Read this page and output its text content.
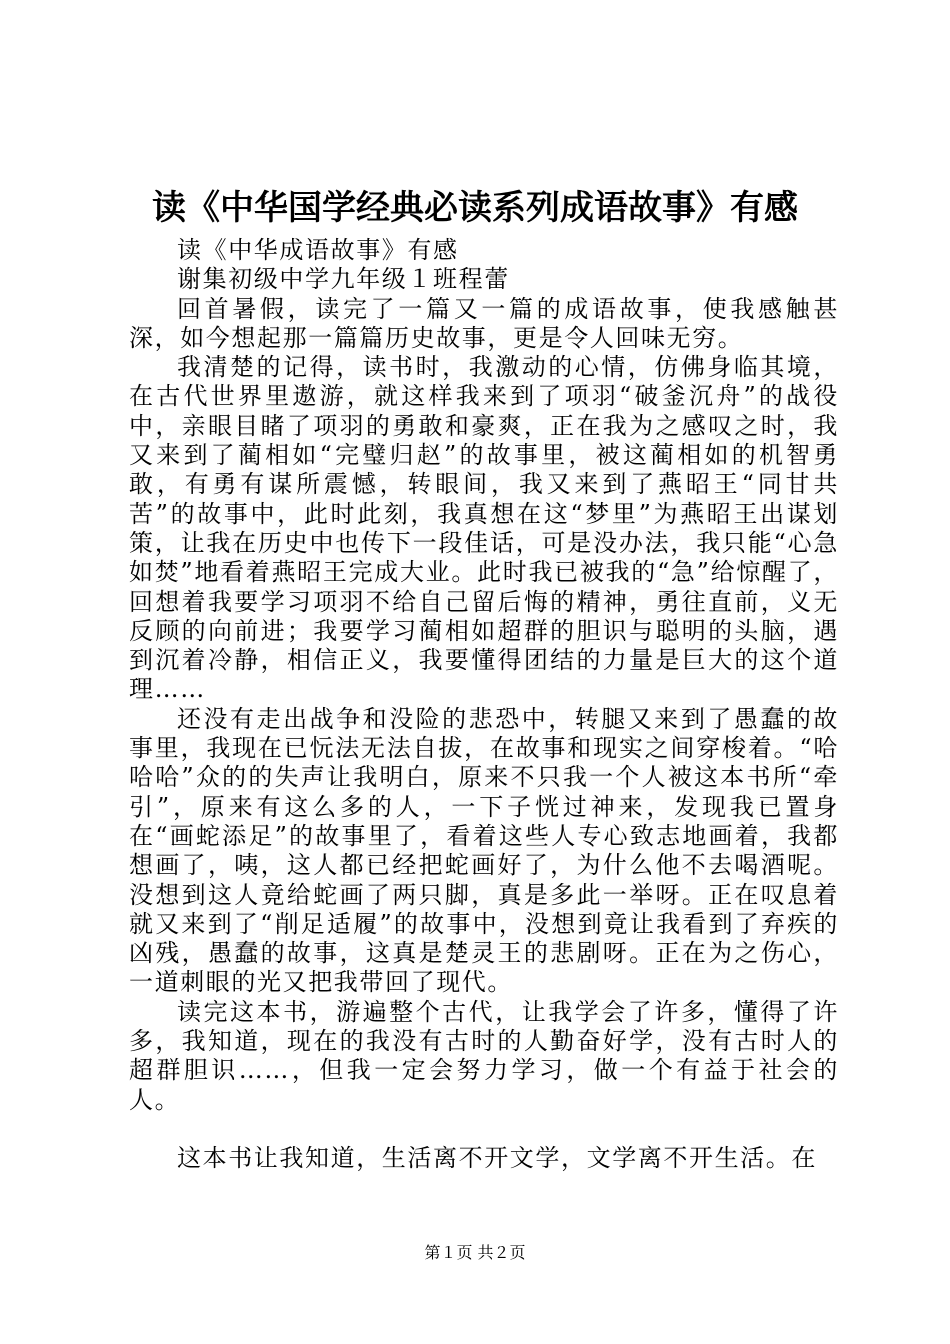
读《中华国学经典必读系列成语故事》有感

读《中华成语故事》有感

谢集初级中学九年级１班程蕾

回首暑假，读完了一篇又一篇的成语故事，使我感触甚深，如今想起那一篇篇历史故事，更是令人回味无穷。

我清楚的记得，读书时，我激动的心情，仿佛身临其境，在古代世界里遨游，就这样我来到了项羽“破釜沉舟”的战役中，亲眼目睹了项羽的勇敢和豪爽，正在我为之感叹之时，我又来到了蔺相如“完璧归赵”的故事里，被这蔺相如的机智勇敢，有勇有谋所震憾，转眼间，我又来到了燕昭王“同甘共苦”的故事中，此时此刻，我真想在这“梦里”为燕昭王出谋划策，让我在历史中也传下一段佳话，可是没办法，我只能“心急如焚”地看着燕昭王完成大业。此时我已被我的“急”给惊醒了，回想着我要学习项羽不给自己留后悔的精神，勇往直前，义无反顾的向前进；我要学习蔺相如超群的胆识与聪明的头脑，遇到沉着冷静，相信正义，我要懂得团结的力量是巨大的这个道理……

还没有走出战争和没险的悲恐中，转腿又来到了愚蠢的故事里，我现在已忨法无法自拔，在故事和现实之间穿梭着。“哈哈哈”众的的失声让我明白，原来不只我一个人被这本书所“牵引”，原来有这么多的人，一下子恍过神来，发现我已置身在“画蛇添足”的故事里了，看着这些人专心致志地画着，我都想画了，咦，这人都已经把蛇画好了，为什么他不去喝酒呢。没想到这人竟给蛇画了两只脚，真是多此一举呀。正在叹息着就又来到了“削足适履”的故事中，没想到竟让我看到了弃疾的凶残，愚蠢的故事，这真是楚灵王的悲剧呀。正在为之伤心，一道刺眼的光又把我带回了现代。

读完这本书，游遍整个古代，让我学会了许多，懂得了许多，我知道，现在的我没有古时的人勤奋好学，没有古时人的超群胆识……，但我一定会努力学习，做一个有益于社会的人。

这本书让我知道，生活离不开文学，文学离不开生活。在

第１页 共２页
